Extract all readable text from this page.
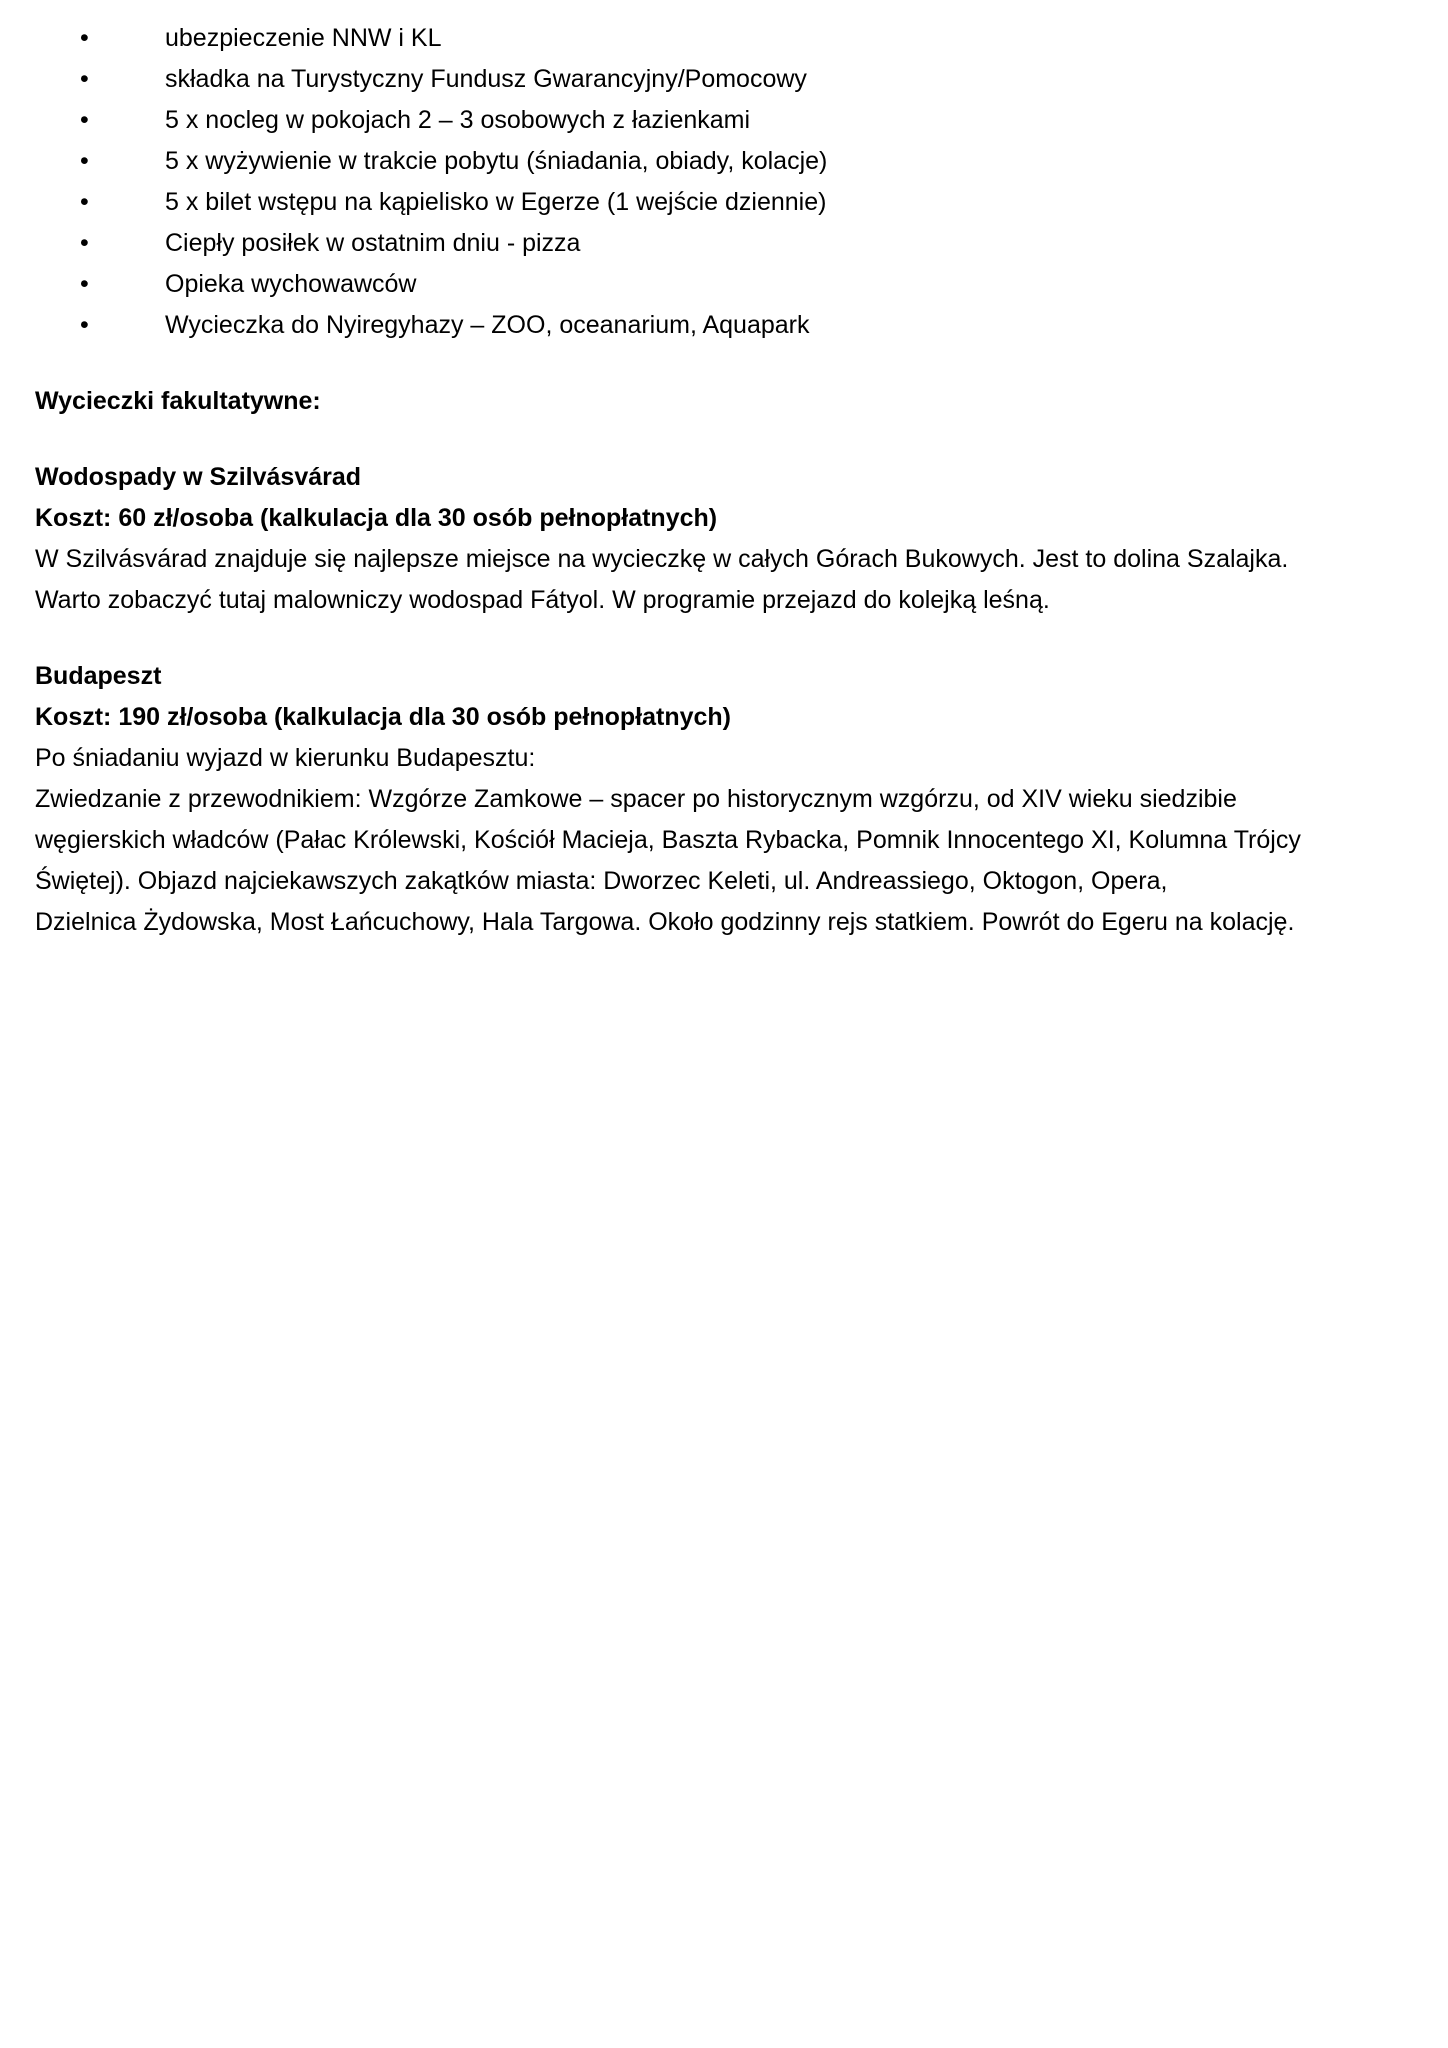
•	ubezpieczenie NNW i KL
•	składka na Turystyczny Fundusz Gwarancyjny/Pomocowy
•	5 x nocleg w pokojach 2 – 3 osobowych z łazienkami
•	5 x wyżywienie w trakcie pobytu (śniadania, obiady, kolacje)
•	5 x bilet wstępu na kąpielisko w Egerze (1 wejście dziennie)
•	Ciepły posiłek w ostatnim dniu - pizza
•	Opieka wychowawców
•	Wycieczka do Nyiregyhazy – ZOO, oceanarium, Aquapark

Wycieczki fakultatywne:

Wodospady w Szilvásvárad

Koszt: 60 zł/osoba (kalkulacja dla 30 osób pełnopłatnych)

W Szilvásvárad znajduje się najlepsze miejsce na wycieczkę w całych Górach Bukowych. Jest to dolina Szalajka.

Warto zobaczyć tutaj malowniczy wodospad Fátyol. W programie przejazd do kolejką leśną.

Budapeszt

Koszt: 190 zł/osoba (kalkulacja dla 30 osób pełnopłatnych)

Po śniadaniu wyjazd w kierunku Budapesztu:

Zwiedzanie z przewodnikiem: Wzgórze Zamkowe – spacer po historycznym wzgórzu, od XIV wieku siedzibie

węgierskich władców (Pałac Królewski, Kościół Macieja, Baszta Rybacka, Pomnik Innocentego XI, Kolumna Trójcy

Świętej). Objazd najciekawszych zakątków miasta: Dworzec Keleti, ul. Andreassiego, Oktogon, Opera,

Dzielnica Żydowska, Most Łańcuchowy, Hala Targowa. Około godzinny rejs statkiem. Powrót do Egeru na kolację.
